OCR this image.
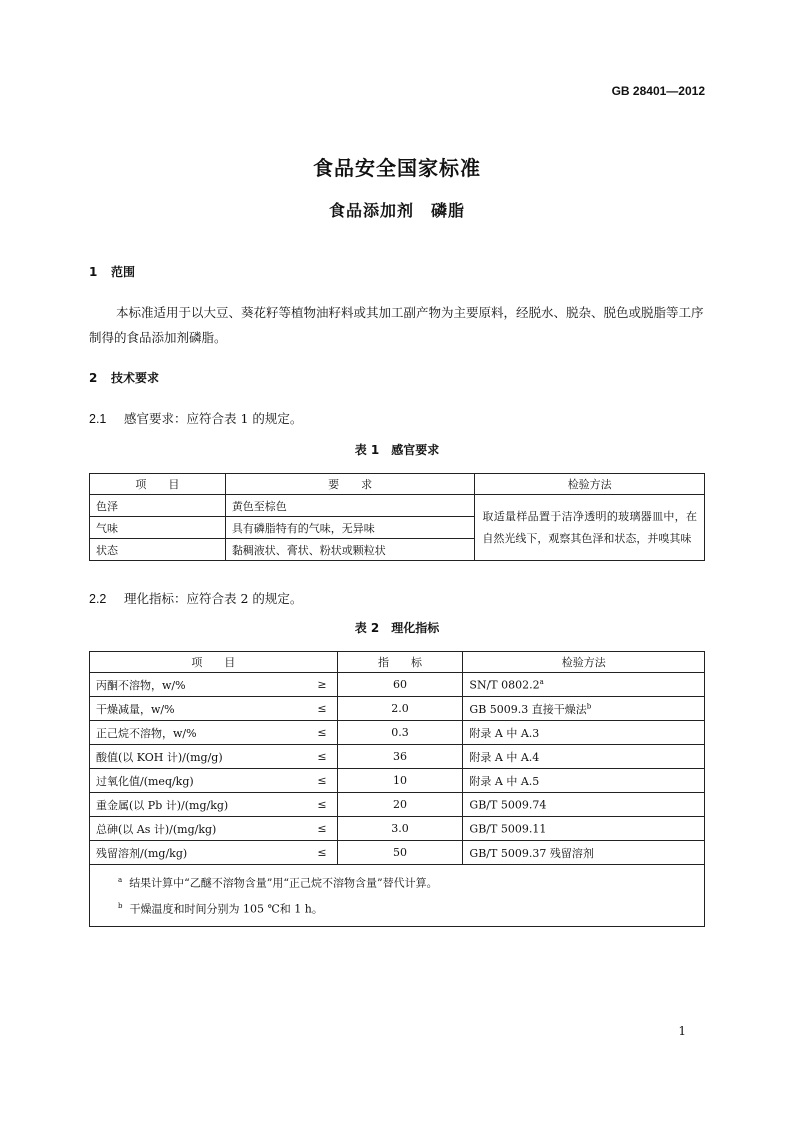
GB 28401—2012
食品安全国家标准
食品添加剂　磷脂
1 范围
本标准适用于以大豆、葵花籽等植物油籽料或其加工副产物为主要原料，经脱水、脱杂、脱色或脱脂等工序制得的食品添加剂磷脂。
2 技术要求
2.1 感官要求：应符合表 1 的规定。
表 1　感官要求
项　　目	要　　求	检验方法
色泽	黄色至棕色	取适量样品置于洁净透明的玻璃器皿中，在自然光线下，观察其色泽和状态，并嗅其味
气味	具有磷脂特有的气味，无异味	
状态	黏稠液状、膏状、粉状或颗粒状	
2.2 理化指标：应符合表 2 的规定。
表 2　理化指标
项　　目		指　　标	检验方法
丙酮不溶物，w/%	≥	60	SN/T 0802.2$^a$
干燥减量，w/%	≤	2.0	GB 5009.3 直接干燥法$^b$
正己烷不溶物，w/%	≤	0.3	附录 A 中 A.3
酸值(以 KOH 计)/(mg/g)	≤	36	附录 A 中 A.4
过氧化值/(meq/kg)	≤	10	附录 A 中 A.5
重金属(以 Pb 计)/(mg/kg)	≤	20	GB/T 5009.74
总砷(以 As 计)/(mg/kg)	≤	3.0	GB/T 5009.11
残留溶剂/(mg/kg)	≤	50	GB/T 5009.37 残留溶剂

$^a$ 结果计算中“乙醚不溶物含量”用“正己烷不溶物含量”替代计算。
$^b$ 干燥温度和时间分别为 105 ℃和 1 h。			
1
